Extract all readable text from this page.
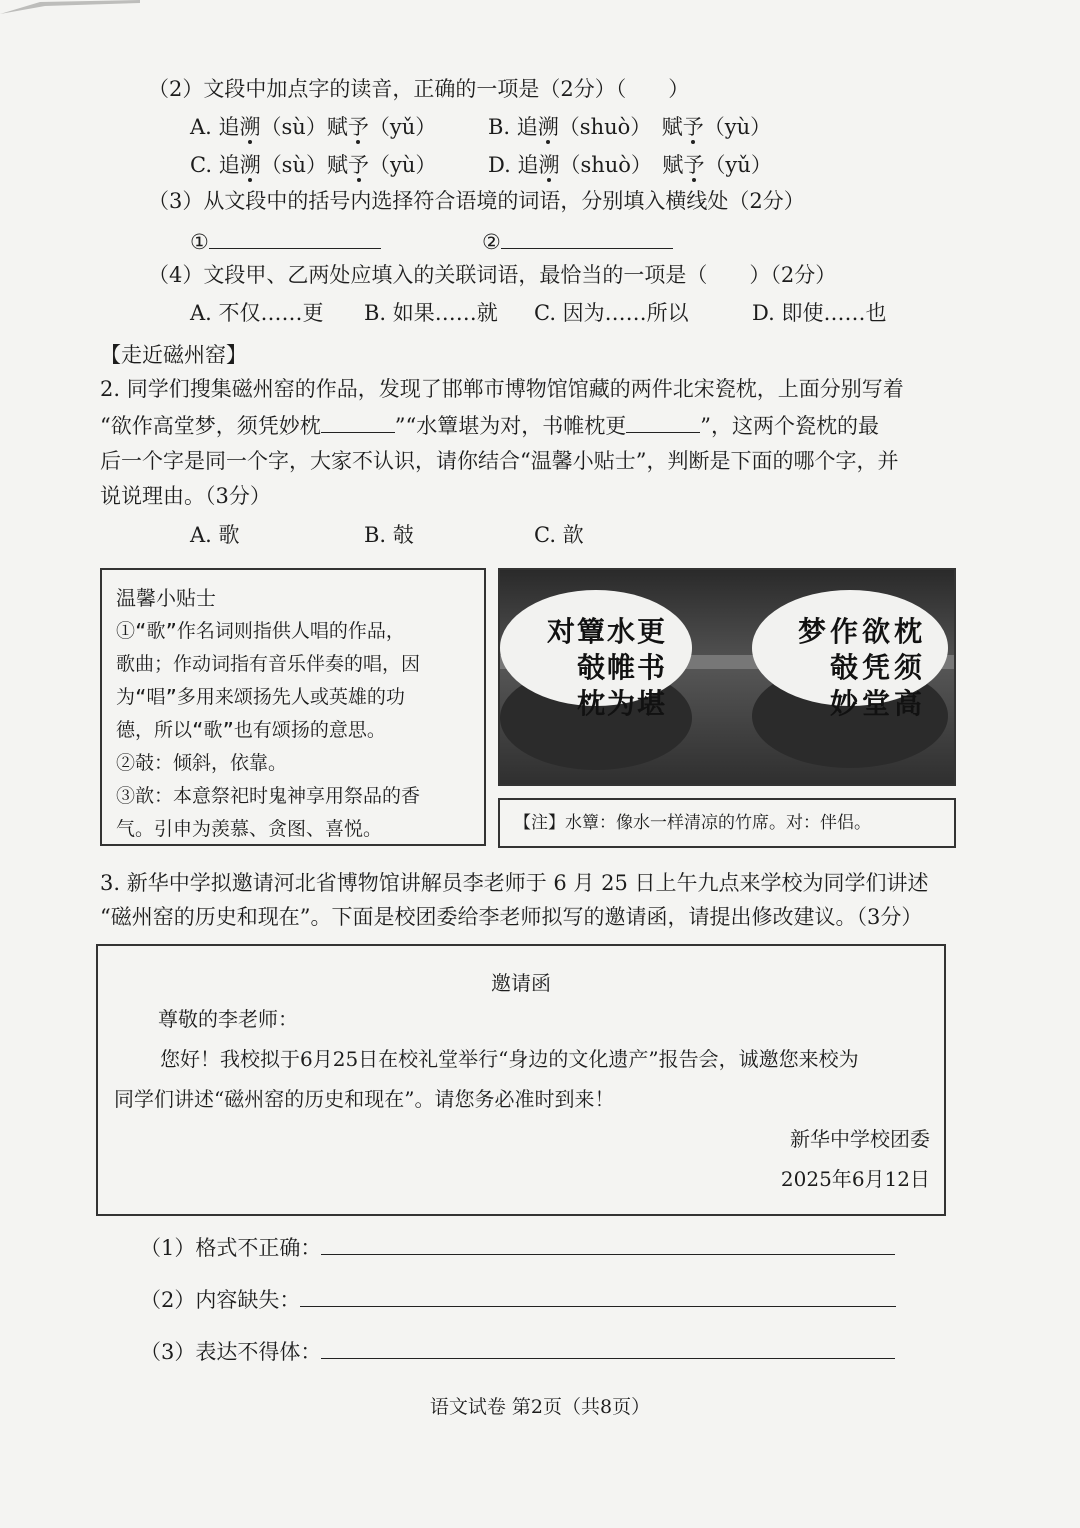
（2）文段中加点字的读音，正确的一项是（2分）（　　）
A. 追溯（sù）赋予（yǔ） B. 追溯（shuò）　赋予（yù）
C. 追溯（sù）赋予（yù） D. 追溯（shuò）　赋予（yǔ）
（3）从文段中的括号内选择符合语境的词语，分别填入横线处（2分）
①	②
（4）文段甲、乙两处应填入的关联词语，最恰当的一项是（　　）（2分）
A. 不仅……更 B. 如果……就 C. 因为……所以	D. 即使……也
【走近磁州窑】
2. 同学们搜集磁州窑的作品，发现了邯郸市博物馆馆藏的两件北宋瓷枕，上面分别写着
“欲作高堂梦，须凭妙枕	”“水簟堪为对，书帷枕更	”，这两个瓷枕的最
后一个字是同一个字，大家不认识，请你结合“温馨小贴士”，判断是下面的哪个字，并
说说理由。（3分）
A. 歌	B. 攲	C. 歆
温馨小贴士
①“歌”作名词则指供人唱的作品，
歌曲；作动词指有音乐伴奏的唱，因
为“唱”多用来颂扬先人或英雄的功
德，所以“歌”也有颂扬的意思。
②攲：倾斜，依靠。
③歆：本意祭祀时鬼神享用祭品的香
气。引申为羡慕、贪图、喜悦。
更
书
堪
水
帷
为
簟
攲
枕
对	枕
须
高
欲
凭
堂
作
攲
妙
梦
【注】水簟：像水一样清凉的竹席。对：伴侣。
3. 新华中学拟邀请河北省博物馆讲解员李老师于 6 月 25 日上午九点来学校为同学们讲述
“磁州窑的历史和现在”。下面是校团委给李老师拟写的邀请函，请提出修改建议。（3分）
邀请函
尊敬的李老师：
您好！我校拟于6月25日在校礼堂举行“身边的文化遗产”报告会，诚邀您来校为
同学们讲述“磁州窑的历史和现在”。请您务必准时到来！
新华中学校团委
2025年6月12日
（1）格式不正确：
（2）内容缺失：
（3）表达不得体：
语文试卷 第2页（共8页）
